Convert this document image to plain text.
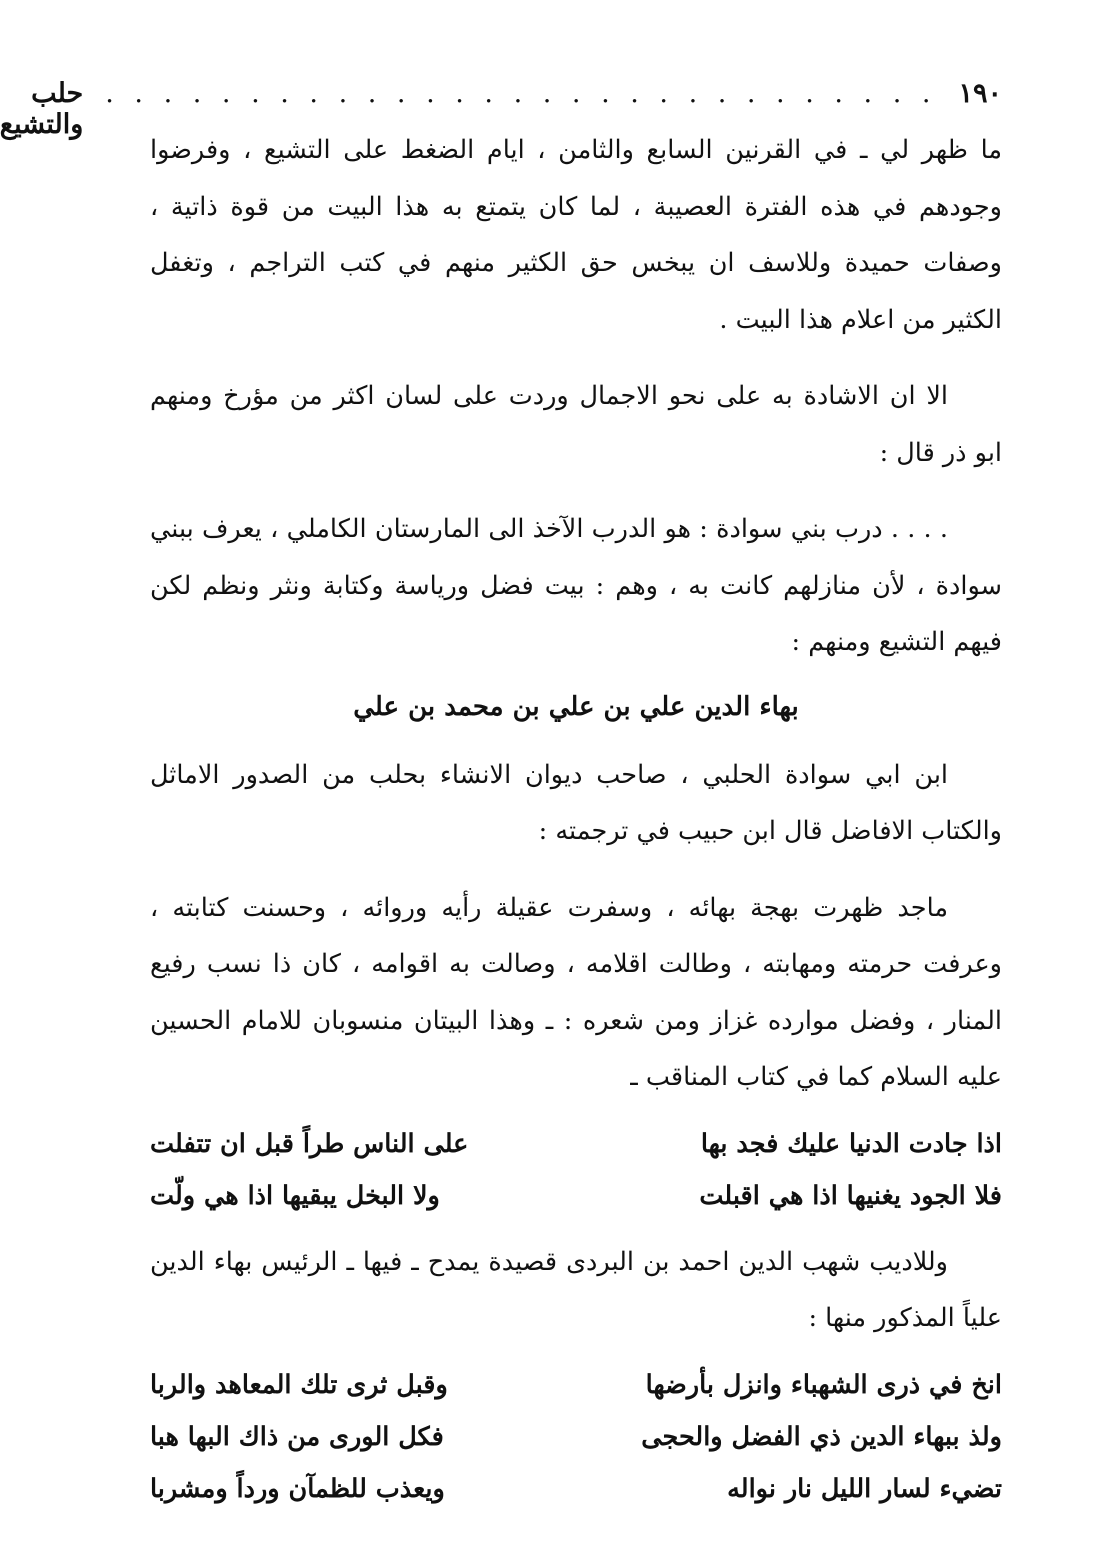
١٩٠
. . . . . . . . . . . . . . . . . . . . . . . . . . . . .
حلب والتشيع

ما ظهر لي ـ في القرنين السابع والثامن ، ايام الضغط على التشيع ، وفرضوا وجودهم في هذه الفترة العصيبة ، لما كان يتمتع به هذا البيت من قوة ذاتية ، وصفات حميدة وللاسف ان يبخس حق الكثير منهم في كتب التراجم ، وتغفل الكثير من اعلام هذا البيت .

الا ان الاشادة به على نحو الاجمال وردت على لسان اكثر من مؤرخ ومنهم ابو ذر قال :

. . . . درب بني سوادة : هو الدرب الآخذ الى المارستان الكاملي ، يعرف ببني سوادة ، لأن منازلهم كانت به ، وهم : بيت فضل ورياسة وكتابة ونثر ونظم لكن فيهم التشيع ومنهم :

بهاء الدين علي بن علي بن محمد بن علي

ابن ابي سوادة الحلبي ، صاحب ديوان الانشاء بحلب من الصدور الاماثل والكتاب الافاضل قال ابن حبيب في ترجمته :

ماجد ظهرت بهجة بهائه ، وسفرت عقيلة رأيه وروائه ، وحسنت كتابته ، وعرفت حرمته ومهابته ، وطالت اقلامه ، وصالت به اقوامه ، كان ذا نسب رفيع المنار ، وفضل موارده غزاز ومن شعره : ـ وهذا البيتان منسوبان للامام الحسين عليه السلام كما في كتاب المناقب ـ

اذا جادت الدنيا عليك فجد بها
على الناس طراً قبل ان تتفلت
فلا الجود يغنيها اذا هي اقبلت
ولا البخل يبقيها اذا هي ولّت

وللاديب شهب الدين احمد بن البردى قصيدة يمدح ـ فيها ـ الرئيس بهاء الدين علياً المذكور منها :

انخ في ذرى الشهباء وانزل بأرضها
وقبل ثرى تلك المعاهد والربا
ولذ ببهاء الدين ذي الفضل والحجى
فكل الورى من ذاك البها هبا
تضيء لسار الليل نار نواله
ويعذب للظمآن ورداً ومشربا
